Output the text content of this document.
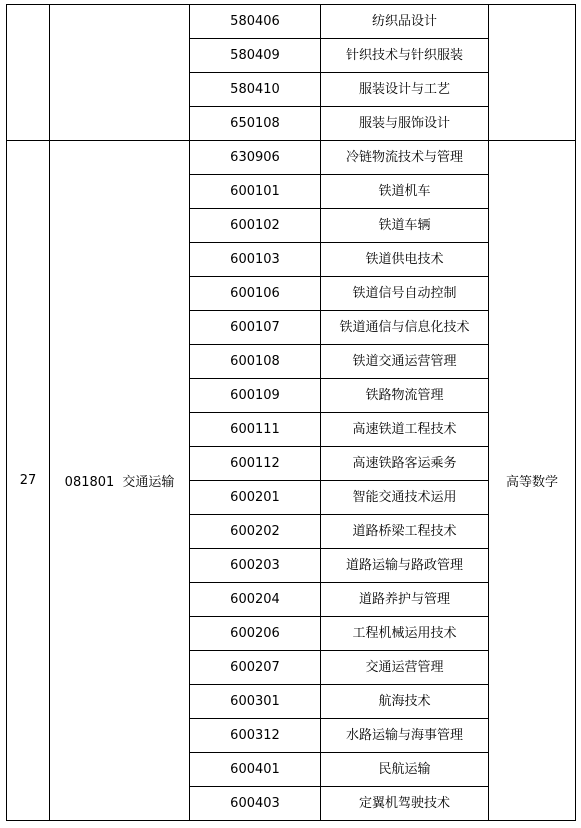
		580406	纺织品设计	
		580409	针织技术与针织服装	
		580410	服装设计与工艺	
		650108	服装与服饰设计	
27	081801 交通运输	630906	冷链物流技术与管理	高等数学
		600101	铁道机车	
		600102	铁道车辆	
		600103	铁道供电技术	
		600106	铁道信号自动控制	
		600107	铁道通信与信息化技术	
		600108	铁道交通运营管理	
		600109	铁路物流管理	
		600111	高速铁道工程技术	
		600112	高速铁路客运乘务	
		600201	智能交通技术运用	
		600202	道路桥梁工程技术	
		600203	道路运输与路政管理	
		600204	道路养护与管理	
		600206	工程机械运用技术	
		600207	交通运营管理	
		600301	航海技术	
		600312	水路运输与海事管理	
		600401	民航运输	
		600403	定翼机驾驶技术	
